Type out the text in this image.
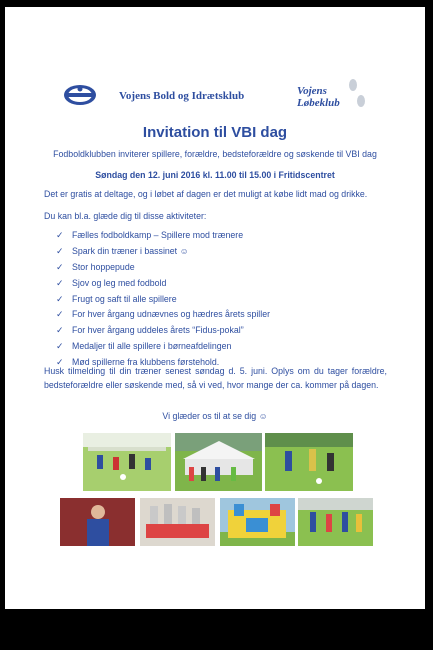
Vojens Bold og Idrætsklub	Vojens
Løbeklub
Invitation til VBI dag
Fodboldklubben inviterer spillere, forældre, bedsteforældre og søskende til VBI dag
Søndag den 12. juni 2016 kl. 11.00 til 15.00 i Fritidscentret
Det er gratis at deltage, og i løbet af dagen er det muligt at købe lidt mad og drikke.
Du kan bl.a. glæde dig til disse aktiviteter:
✓ Fælles fodboldkamp – Spillere mod trænere
✓ Spark din træner i bassinet ☺
✓ Stor hoppepude
✓ Sjov og leg med fodbold
✓ Frugt og saft til alle spillere
✓ For hver årgang udnævnes og hædres årets spiller
✓ For hver årgang uddeles årets “Fidus-pokal”
✓ Medaljer til alle spillere i børneafdelingen
✓ Mød spillerne fra klubbens førstehold.
Husk tilmelding til din træner senest søndag d. 5. juni. Oplys om du tager forældre, bedsteforældre eller søskende med, så vi ved, hvor mange der ca. kommer på dagen.
Vi glæder os til at se dig ☺
